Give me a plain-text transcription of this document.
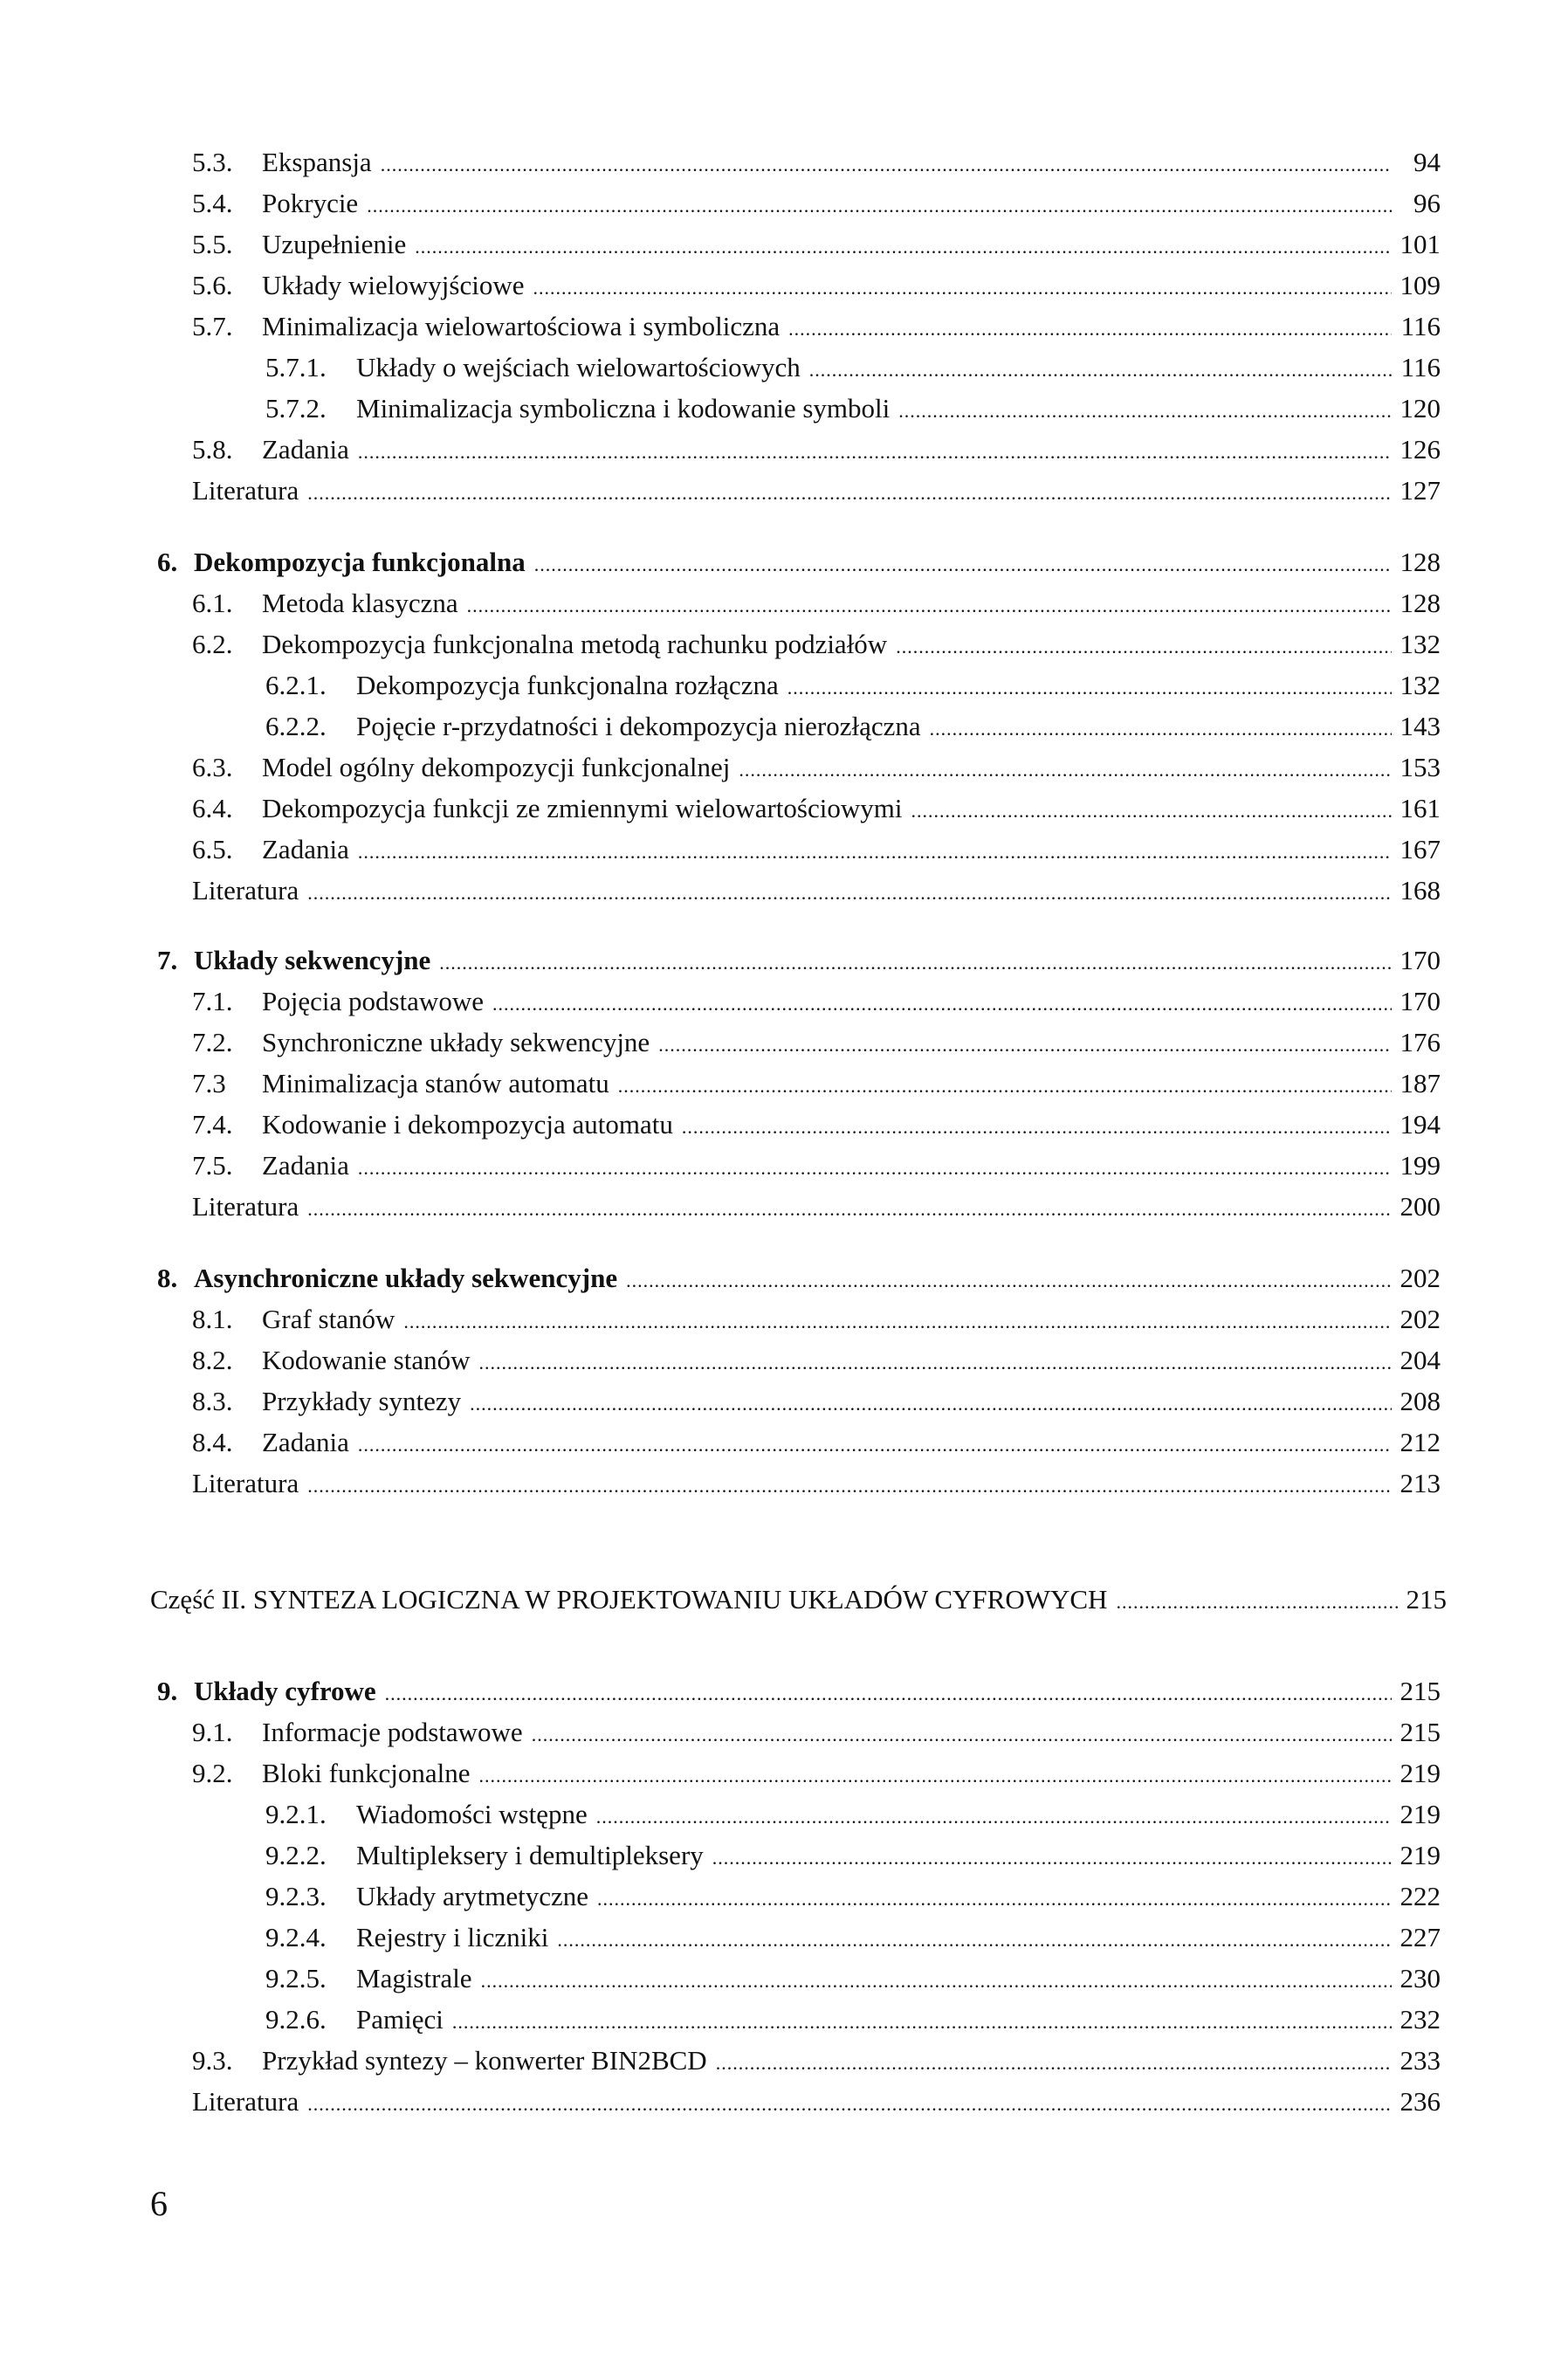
5.3.	Ekspansja .....	94
5.4.	Pokrycie .....	96
5.5.	Uzupełnienie .....	101
5.6.	Układy wielowyjściowe .....	109
5.7.	Minimalizacja wielowartościowa i symboliczna .....	116
5.7.1.	Układy o wejściach wielowartościowych .....	116
5.7.2.	Minimalizacja symboliczna i kodowanie symboli .....	120
5.8.	Zadania .....	126
Literatura .....	127
6. Dekompozycja funkcjonalna .....	128
6.1.	Metoda klasyczna .....	128
6.2.	Dekompozycja funkcjonalna metodą rachunku podziałów .....	132
6.2.1.	Dekompozycja funkcjonalna rozłączna .....	132
6.2.2.	Pojęcie r-przydatności i dekompozycja nierozłączna .....	143
6.3.	Model ogólny dekompozycji funkcjonalnej .....	153
6.4.	Dekompozycja funkcji ze zmiennymi wielowartościowymi .....	161
6.5.	Zadania .....	167
Literatura .....	168
7. Układy sekwencyjne .....	170
7.1.	Pojęcia podstawowe .....	170
7.2.	Synchroniczne układy sekwencyjne .....	176
7.3	Minimalizacja stanów automatu .....	187
7.4.	Kodowanie i dekompozycja automatu .....	194
7.5.	Zadania .....	199
Literatura .....	200
8. Asynchroniczne układy sekwencyjne .....	202
8.1.	Graf stanów .....	202
8.2.	Kodowanie stanów .....	204
8.3.	Przykłady syntezy .....	208
8.4.	Zadania .....	212
Literatura .....	213
9. Układy cyfrowe .....	215
9.1.	Informacje podstawowe .....	215
9.2.	Bloki funkcjonalne .....	219
9.2.1.	Wiadomości wstępne .....	219
9.2.2.	Multipleksery i demultipleksery .....	219
9.2.3.	Układy arytmetyczne .....	222
9.2.4.	Rejestry i liczniki .....	227
9.2.5.	Magistrale .....	230
9.2.6.	Pamięci .....	232
9.3.	Przykład syntezy – konwerter BIN2BCD .....	233
Literatura .....	236
Część II. SYNTEZA LOGICZNA W PROJEKTOWANIU UKŁADÓW CYFROWYCH .....	215
6
